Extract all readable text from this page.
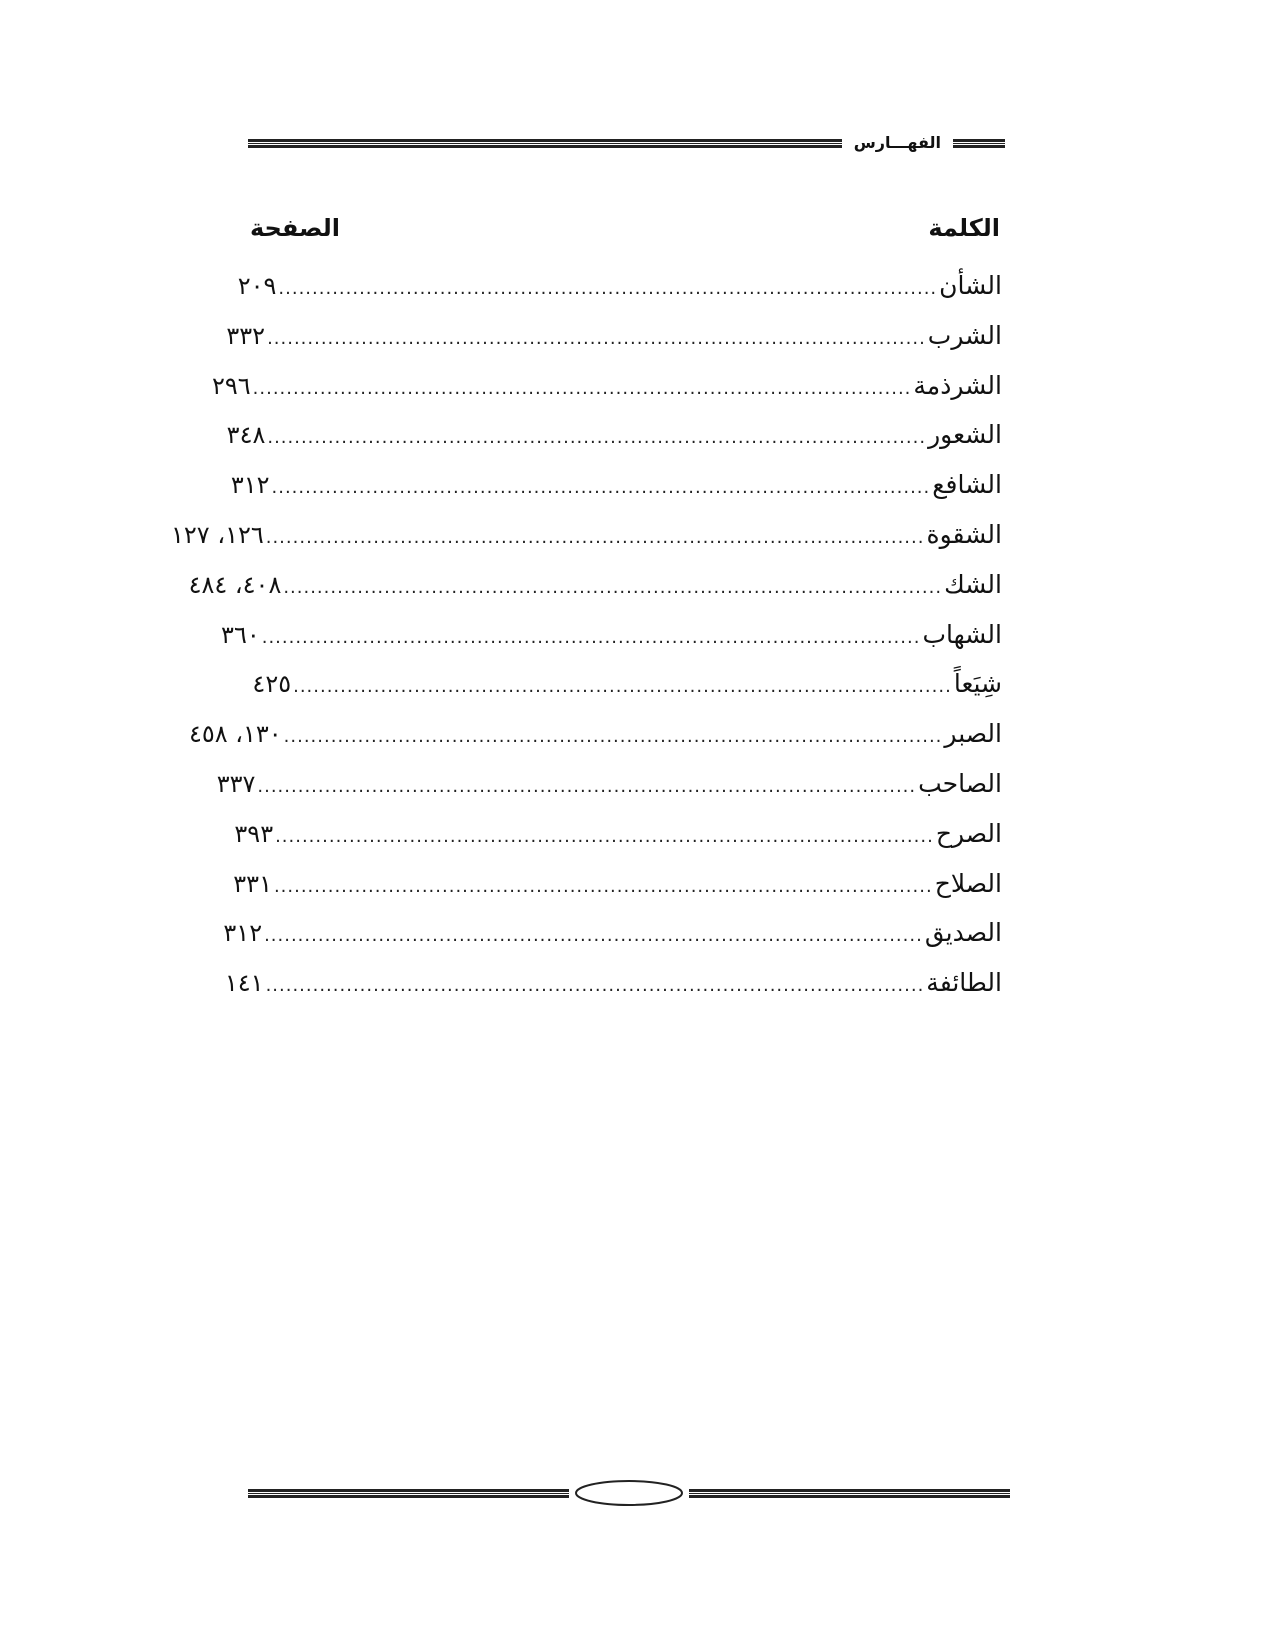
الفهـــارس
الكلمة
الصفحة
الشأن
..................................................................................................
٢٠٩
الشرب
..................................................................................................
٣٣٢
الشرذمة
..................................................................................................
٢٩٦
الشعور
..................................................................................................
٣٤٨
الشافع
..................................................................................................
٣١٢
الشقوة
..................................................................................................
١٢٦، ١٢٧
الشك
..................................................................................................
٤٠٨، ٤٨٤
الشهاب
..................................................................................................
٣٦٠
شِيَعاً
..................................................................................................
٤٢٥
الصبر
..................................................................................................
١٣٠، ٤٥٨
الصاحب
..................................................................................................
٣٣٧
الصرح
..................................................................................................
٣٩٣
الصلاح
..................................................................................................
٣٣١
الصديق
..................................................................................................
٣١٢
الطائفة
..................................................................................................
١٤١
